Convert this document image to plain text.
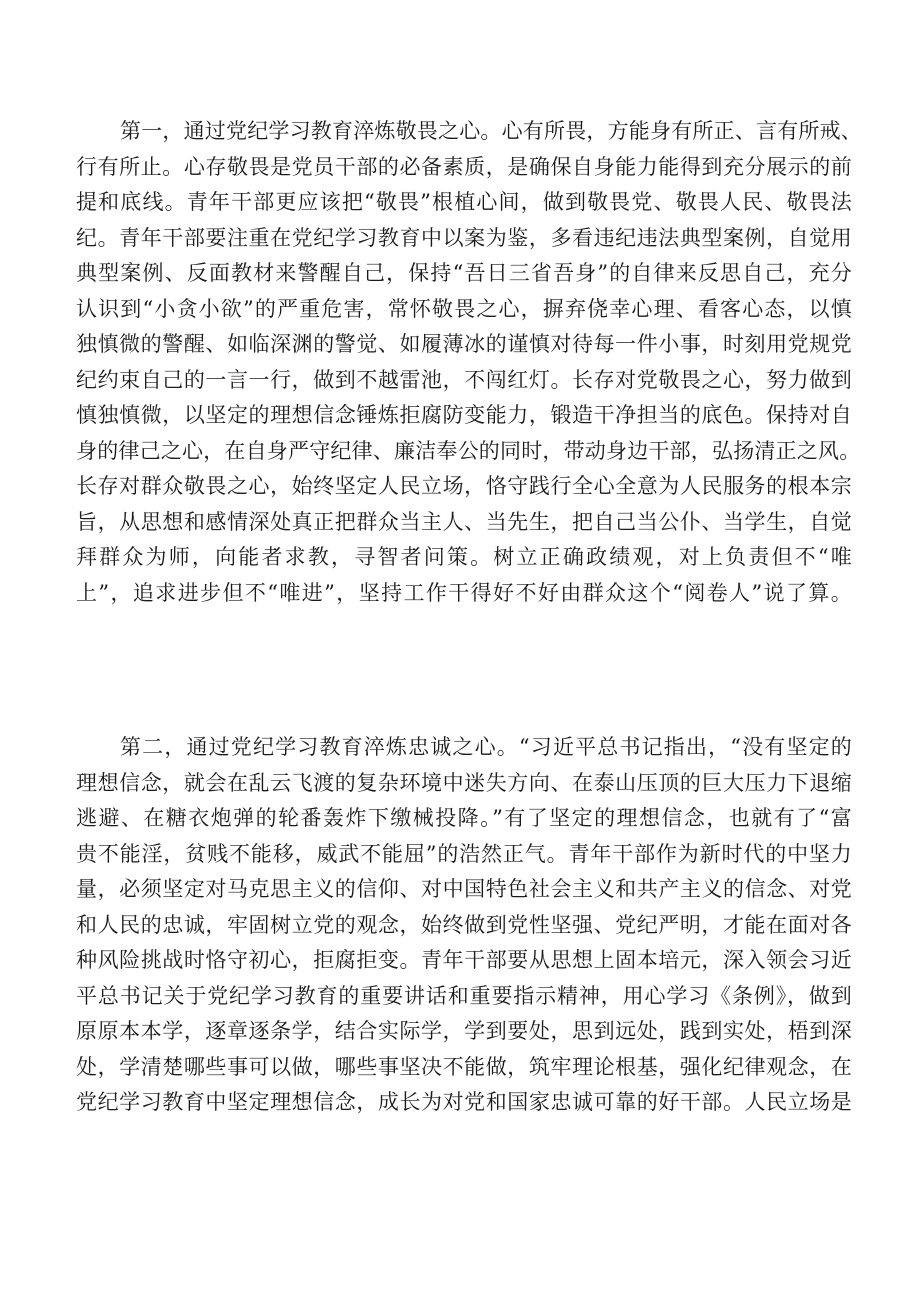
第一，通过党纪学习教育淬炼敬畏之心。心有所畏，方能身有所正、言有所戒、
行有所止。心存敬畏是党员干部的必备素质，是确保自身能力能得到充分展示的前
提和底线。青年干部更应该把“敬畏”根植心间，做到敬畏党、敬畏人民、敬畏法
纪。青年干部要注重在党纪学习教育中以案为鉴，多看违纪违法典型案例，自觉用
典型案例、反面教材来警醒自己，保持“吾日三省吾身”的自律来反思自己，充分
认识到“小贪小欲”的严重危害，常怀敬畏之心，摒弃侥幸心理、看客心态，以慎
独慎微的警醒、如临深渊的警觉、如履薄冰的谨慎对待每一件小事，时刻用党规党
纪约束自己的一言一行，做到不越雷池，不闯红灯。长存对党敬畏之心，努力做到
慎独慎微，以坚定的理想信念锤炼拒腐防变能力，锻造干净担当的底色。保持对自
身的律己之心，在自身严守纪律、廉洁奉公的同时，带动身边干部，弘扬清正之风。
长存对群众敬畏之心，始终坚定人民立场，恪守践行全心全意为人民服务的根本宗
旨，从思想和感情深处真正把群众当主人、当先生，把自己当公仆、当学生，自觉
拜群众为师，向能者求教，寻智者问策。树立正确政绩观，对上负责但不“唯
上”，追求进步但不“唯进”，坚持工作干得好不好由群众这个“阅卷人”说了算。
第二，通过党纪学习教育淬炼忠诚之心。“习近平总书记指出，“没有坚定的
理想信念，就会在乱云飞渡的复杂环境中迷失方向、在泰山压顶的巨大压力下退缩
逃避、在糖衣炮弹的轮番轰炸下缴械投降。”有了坚定的理想信念，也就有了“富
贵不能淫，贫贱不能移，威武不能屈”的浩然正气。青年干部作为新时代的中坚力
量，必须坚定对马克思主义的信仰、对中国特色社会主义和共产主义的信念、对党
和人民的忠诚，牢固树立党的观念，始终做到党性坚强、党纪严明，才能在面对各
种风险挑战时恪守初心，拒腐拒变。青年干部要从思想上固本培元，深入领会习近
平总书记关于党纪学习教育的重要讲话和重要指示精神，用心学习《条例》，做到
原原本本学，逐章逐条学，结合实际学，学到要处，思到远处，践到实处，梧到深
处，学清楚哪些事可以做，哪些事坚决不能做，筑牢理论根基，强化纪律观念，在
党纪学习教育中坚定理想信念，成长为对党和国家忠诚可靠的好干部。人民立场是
